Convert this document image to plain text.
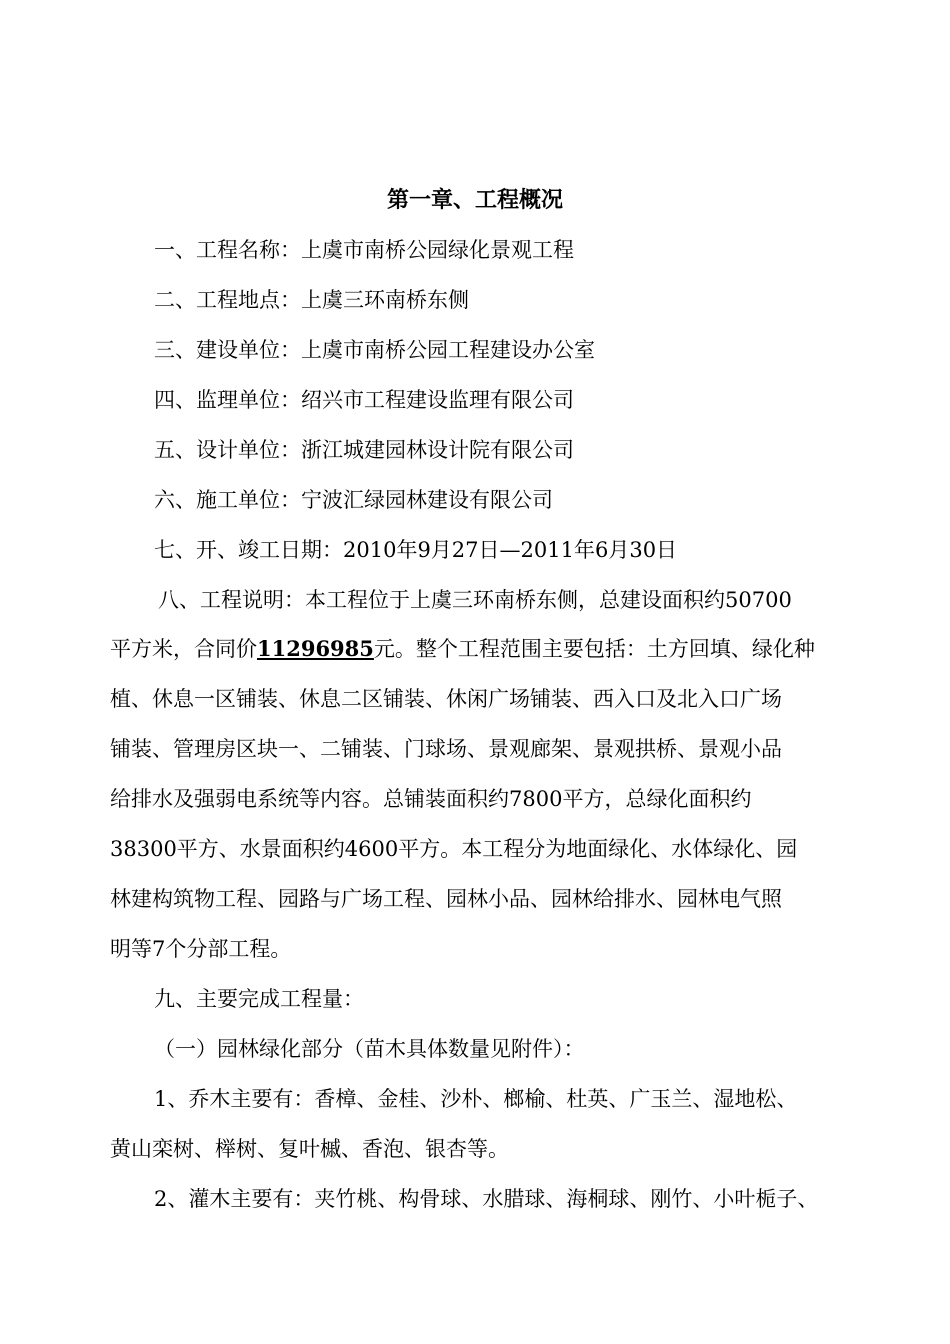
第一章、工程概况

一、工程名称：上虞市南桥公园绿化景观工程

二、工程地点：上虞三环南桥东侧

三、建设单位：上虞市南桥公园工程建设办公室

四、监理单位：绍兴市工程建设监理有限公司

五、设计单位：浙江城建园林设计院有限公司

六、施工单位：宁波汇绿园林建设有限公司

七、开、竣工日期：2010年9月27日—2011年6月30日

八、工程说明：本工程位于上虞三环南桥东侧，总建设面积约50700

平方米，合同价11296985元。整个工程范围主要包括：土方回填、绿化种

植、休息一区铺装、休息二区铺装、休闲广场铺装、西入口及北入口广场

铺装、管理房区块一、二铺装、门球场、景观廊架、景观拱桥、景观小品

给排水及强弱电系统等内容。总铺装面积约7800平方，总绿化面积约

38300平方、水景面积约4600平方。本工程分为地面绿化、水体绿化、园

林建构筑物工程、园路与广场工程、园林小品、园林给排水、园林电气照

明等7个分部工程。

九、主要完成工程量：

（一）园林绿化部分（苗木具体数量见附件）：

1、乔木主要有：香樟、金桂、沙朴、榔榆、杜英、广玉兰、湿地松、

黄山栾树、榉树、复叶槭、香泡、银杏等。

2、灌木主要有：夹竹桃、构骨球、水腊球、海桐球、刚竹、小叶栀子、
